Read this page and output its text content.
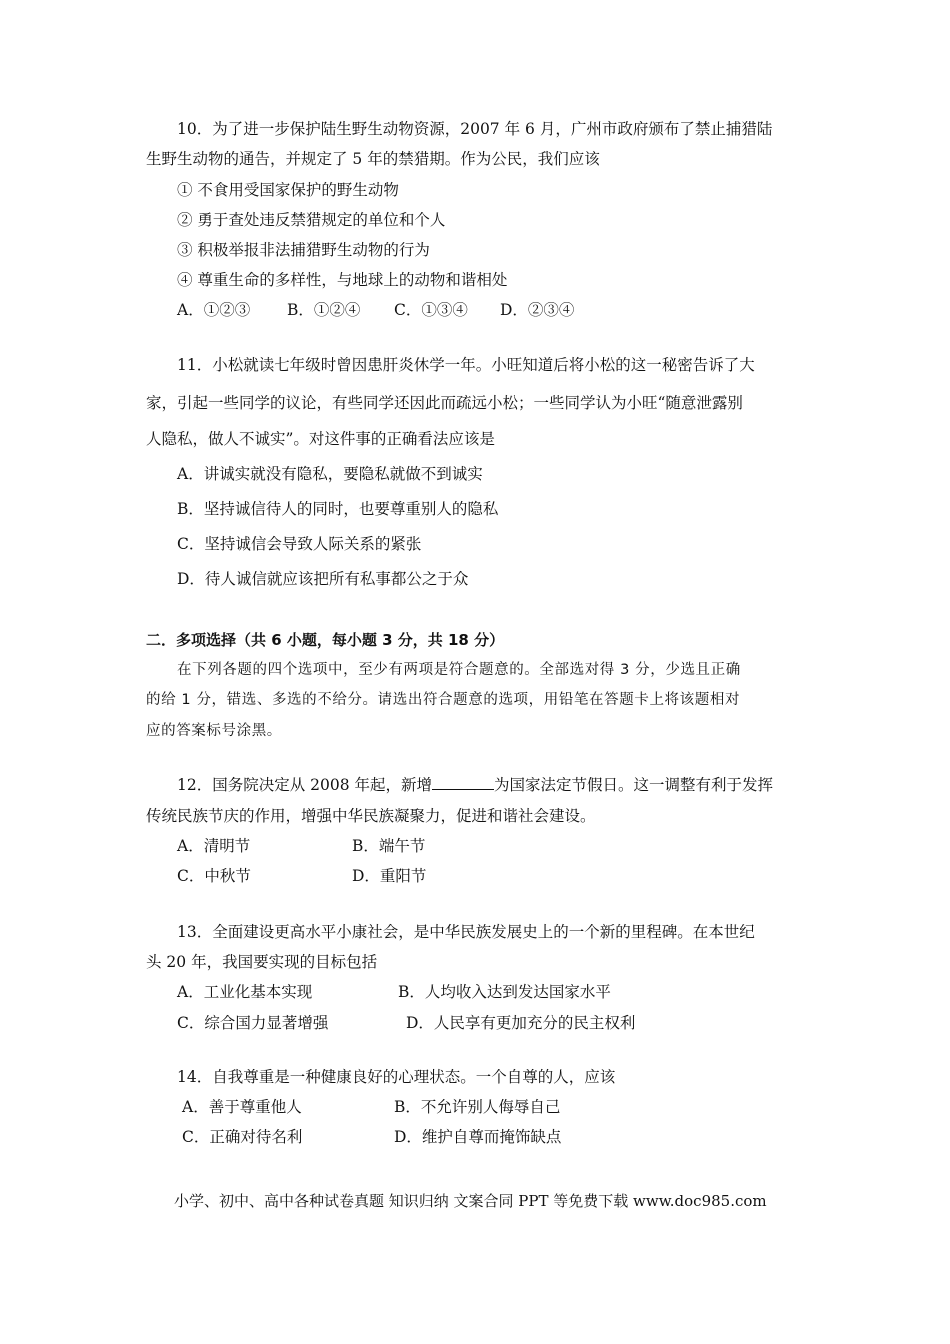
10．为了进一步保护陆生野生动物资源，2007 年 6 月，广州市政府颁布了禁止捕猎陆
生野生动物的通告，并规定了 5 年的禁猎期。作为公民，我们应该
① 不食用受国家保护的野生动物
② 勇于查处违反禁猎规定的单位和个人
③ 积极举报非法捕猎野生动物的行为
④ 尊重生命的多样性，与地球上的动物和谐相处
A．①②③ B．①②④ C．①③④ D．②③④
11．小松就读七年级时曾因患肝炎休学一年。小旺知道后将小松的这一秘密告诉了大
家，引起一些同学的议论，有些同学还因此而疏远小松；一些同学认为小旺“随意泄露别
人隐私，做人不诚实”。对这件事的正确看法应该是
A．讲诚实就没有隐私，要隐私就做不到诚实
B．坚持诚信待人的同时，也要尊重别人的隐私
C．坚持诚信会导致人际关系的紧张
D．待人诚信就应该把所有私事都公之于众
二．多项选择（共 6 小题，每小题 3 分，共 18 分）
在下列各题的四个选项中，至少有两项是符合题意的。全部选对得 3 分，少选且正确
的给 1 分，错选、多选的不给分。请选出符合题意的选项，用铅笔在答题卡上将该题相对
应的答案标号涂黑。
12．国务院决定从 2008 年起，新增	为国家法定节假日。这一调整有利于发挥
传统民族节庆的作用，增强中华民族凝聚力，促进和谐社会建设。
A．清明节	B．端午节
C．中秋节	D．重阳节
13．全面建设更高水平小康社会，是中华民族发展史上的一个新的里程碑。在本世纪
头 20 年，我国要实现的目标包括
A．工业化基本实现	B．人均收入达到发达国家水平
C．综合国力显著增强	D．人民享有更加充分的民主权利
14．自我尊重是一种健康良好的心理状态。一个自尊的人，应该
A．善于尊重他人	B．不允许别人侮辱自己
C．正确对待名利	D．维护自尊而掩饰缺点
小学、初中、高中各种试卷真题 知识归纳 文案合同 PPT 等免费下载 www.doc985.com
